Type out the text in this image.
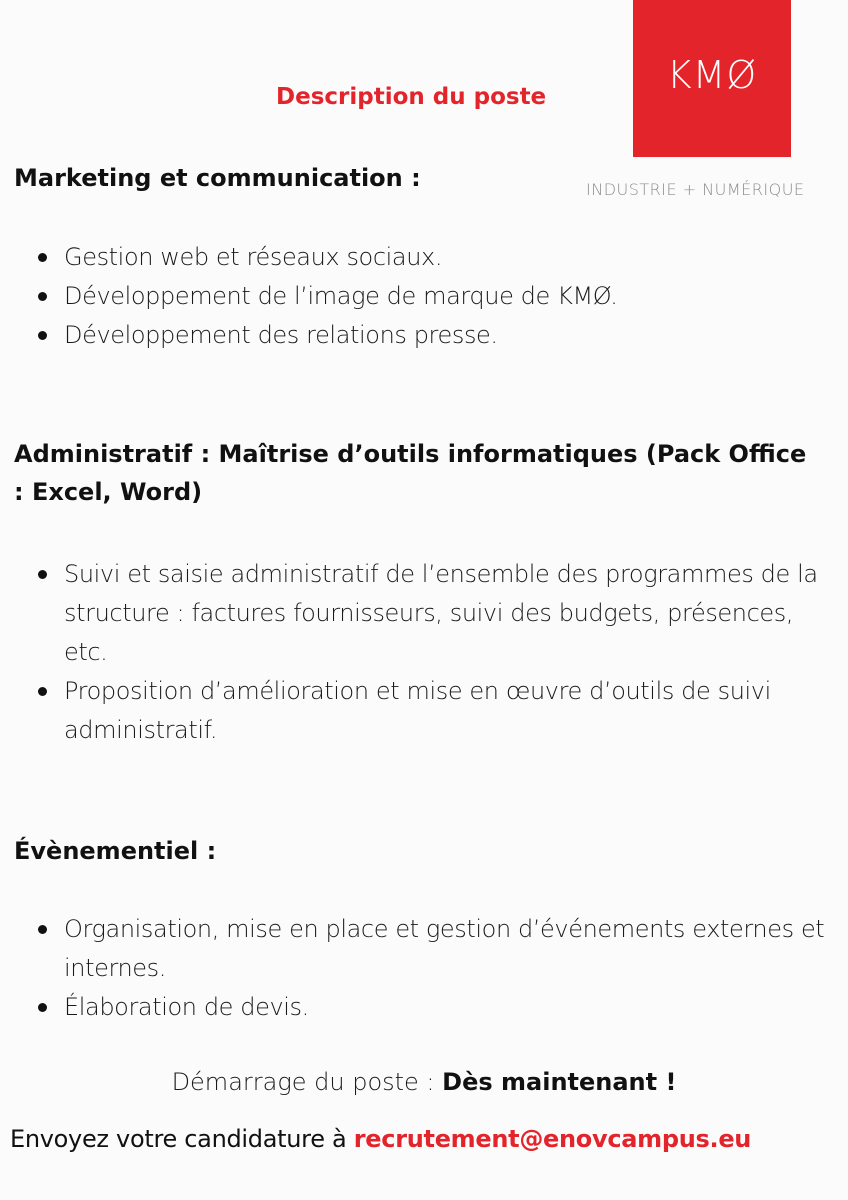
KMØ
INDUSTRIE + NUMÉRIQUE
Description du poste
Marketing et communication :
Gestion web et réseaux sociaux.
Développement de l’image de marque de KMØ.
Développement des relations presse.
Administratif : Maîtrise d’outils informatiques (Pack Office : Excel, Word)
Suivi et saisie administratif de l’ensemble des programmes de la structure : factures fournisseurs, suivi des budgets, présences, etc.
Proposition d’amélioration et mise en œuvre d’outils de suivi administratif.
Évènementiel :
Organisation, mise en place et gestion d’événements externes et internes.
Élaboration de devis.
Démarrage du poste : Dès maintenant !
Envoyez votre candidature à recrutement@enovcampus.eu
